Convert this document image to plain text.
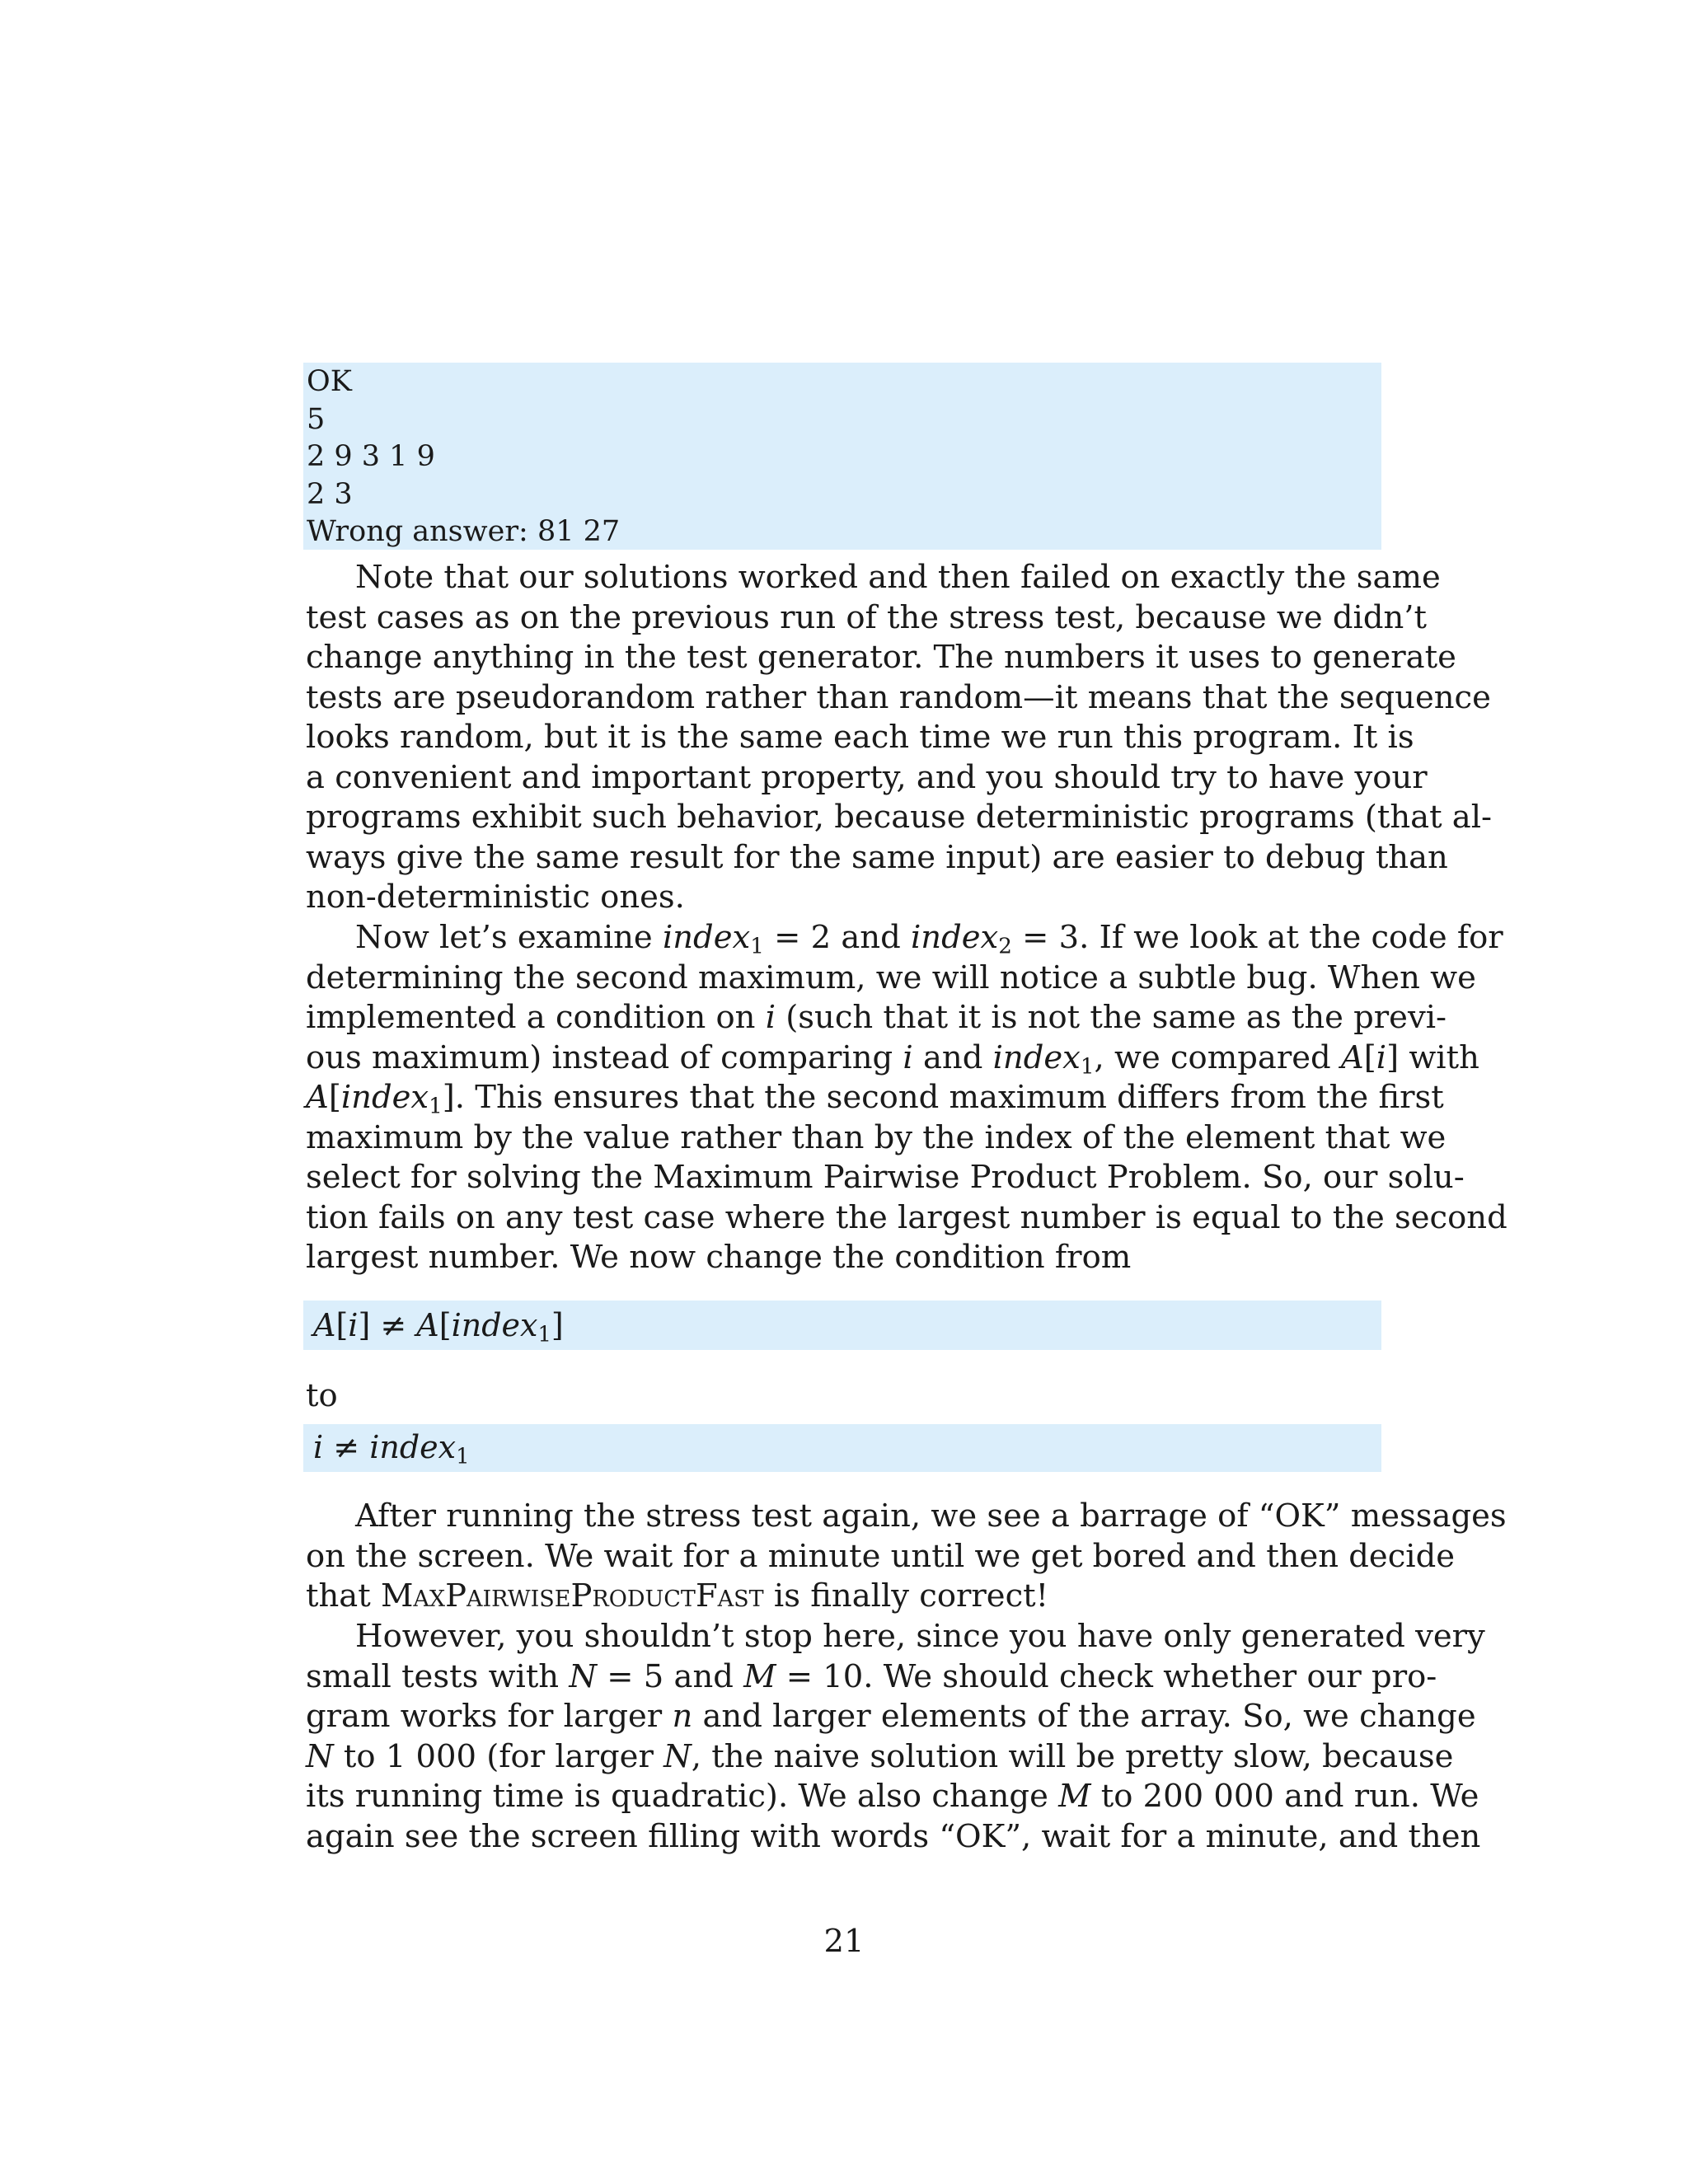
OK
5
2 9 3 1 9
2 3
Wrong answer: 81 27
Note that our solutions worked and then failed on exactly the same
test cases as on the previous run of the stress test, because we didn’t
change anything in the test generator. The numbers it uses to generate
tests are pseudorandom rather than random—it means that the sequence
looks random, but it is the same each time we run this program. It is
a convenient and important property, and you should try to have your
programs exhibit such behavior, because deterministic programs (that al-
ways give the same result for the same input) are easier to debug than
non-deterministic ones.
Now let’s examine index$_1$ = 2 and index$_2$ = 3. If we look at the code for
determining the second maximum, we will notice a subtle bug. When we
implemented a condition on i (such that it is not the same as the previ-
ous maximum) instead of comparing i and index$_1$, we compared A[i] with
A[index$_1$]. This ensures that the second maximum differs from the first
maximum by the value rather than by the index of the element that we
select for solving the Maximum Pairwise Product Problem. So, our solu-
tion fails on any test case where the largest number is equal to the second
largest number. We now change the condition from
A[i] ≠ A[index$_1$]
to
i ≠ index$_1$
After running the stress test again, we see a barrage of “OK” messages
on the screen. We wait for a minute until we get bored and then decide
that MaxPairwiseProductFast is finally correct!
However, you shouldn’t stop here, since you have only generated very
small tests with N = 5 and M = 10. We should check whether our pro-
gram works for larger n and larger elements of the array. So, we change
N to 1 000 (for larger N, the naive solution will be pretty slow, because
its running time is quadratic). We also change M to 200 000 and run. We
again see the screen filling with words “OK”, wait for a minute, and then
21
